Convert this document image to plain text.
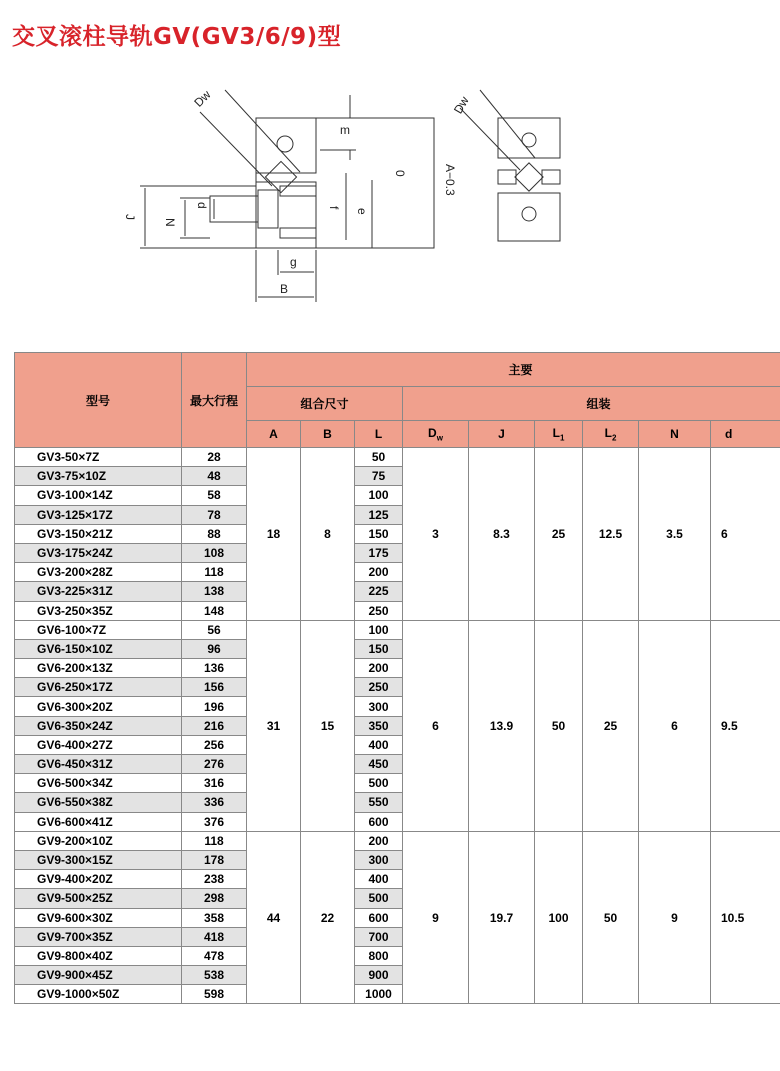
交叉滚柱导轨GV(GV3/6/9)型
Dw
m
J
N
d	f
e
g
B
0	A−0.3
Dw
型号	最大行程	主要								
		组合尺寸			组装					
		A	B	L	$D_w$	J	$L_1$	$L_2$	N	d
GV3-50×7Z	28	18	8	50	3	8.3	25	12.5	3.5	6
GV3-75×10Z	48			75						
GV3-100×14Z	58			100						
GV3-125×17Z	78			125						
GV3-150×21Z	88			150						
GV3-175×24Z	108			175						
GV3-200×28Z	118			200						
GV3-225×31Z	138			225						
GV3-250×35Z	148			250						
GV6-100×7Z	56	31	15	100	6	13.9	50	25	6	9.5
GV6-150×10Z	96			150						
GV6-200×13Z	136			200						
GV6-250×17Z	156			250						
GV6-300×20Z	196			300						
GV6-350×24Z	216			350						
GV6-400×27Z	256			400						
GV6-450×31Z	276			450						
GV6-500×34Z	316			500						
GV6-550×38Z	336			550						
GV6-600×41Z	376			600						
GV9-200×10Z	118	44	22	200	9	19.7	100	50	9	10.5
GV9-300×15Z	178			300						
GV9-400×20Z	238			400						
GV9-500×25Z	298			500						
GV9-600×30Z	358			600						
GV9-700×35Z	418			700						
GV9-800×40Z	478			800						
GV9-900×45Z	538			900						
GV9-1000×50Z	598			1000						
